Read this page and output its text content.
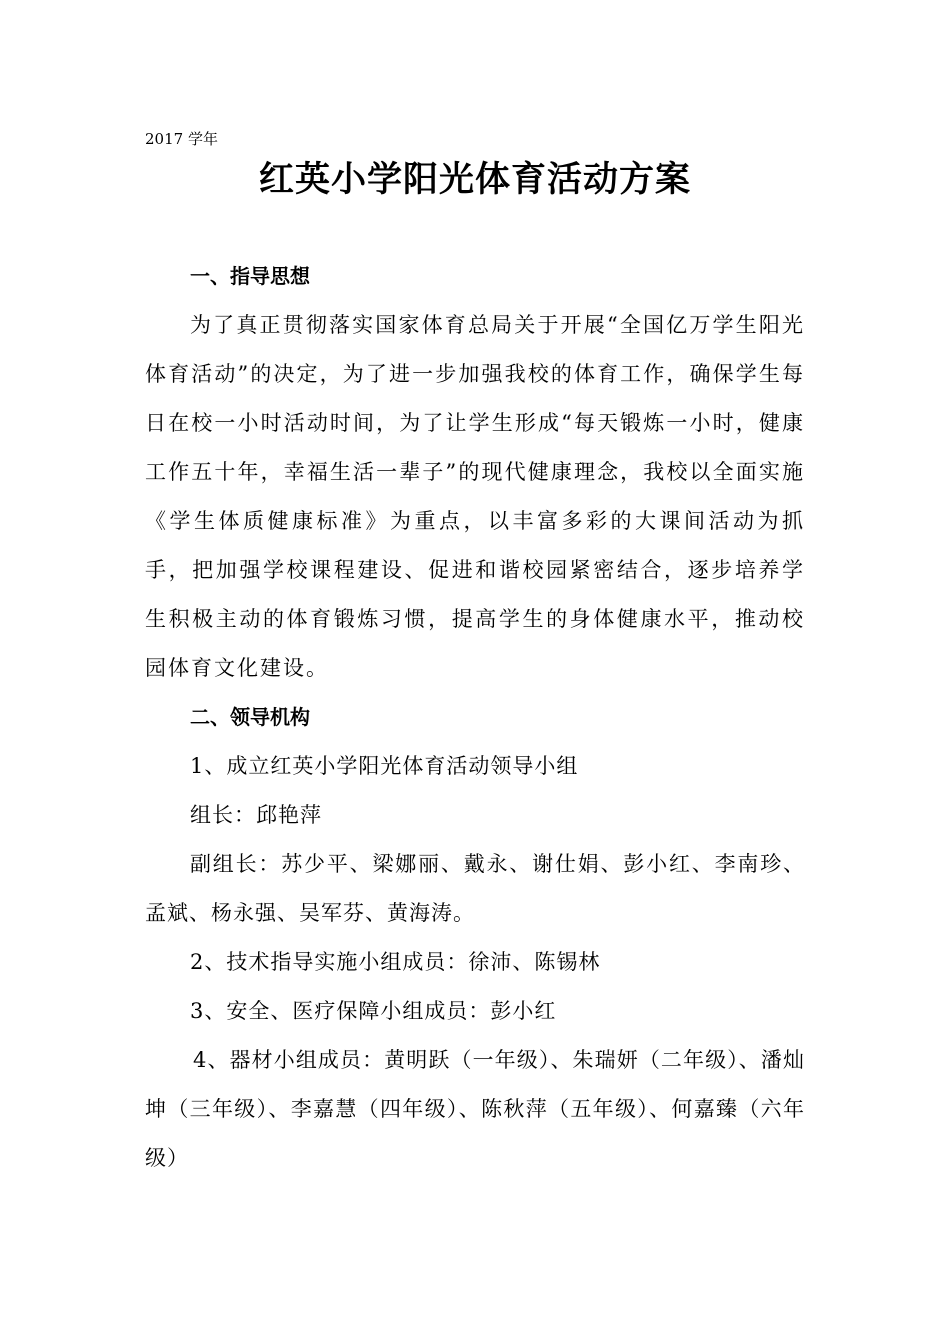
2017 学年
红英小学阳光体育活动方案

一、指导思想

为了真正贯彻落实国家体育总局关于开展“全国亿万学生阳光体育活动”的决定，为了进一步加强我校的体育工作，确保学生每日在校一小时活动时间，为了让学生形成“每天锻炼一小时，健康工作五十年，幸福生活一辈子”的现代健康理念，我校以全面实施《学生体质健康标准》为重点，以丰富多彩的大课间活动为抓手，把加强学校课程建设、促进和谐校园紧密结合，逐步培养学生积极主动的体育锻炼习惯，提高学生的身体健康水平，推动校园体育文化建设。

二、领导机构

1、成立红英小学阳光体育活动领导小组

组长：邱艳萍

副组长：苏少平、梁娜丽、戴永、谢仕娟、彭小红、李南珍、孟斌、杨永强、吴军芬、黄海涛。

2、技术指导实施小组成员：徐沛、陈锡林

3、安全、医疗保障小组成员：彭小红

4、器材小组成员：黄明跃（一年级）、朱瑞妍（二年级）、潘灿坤（三年级）、李嘉慧（四年级）、陈秋萍（五年级）、何嘉臻（六年级）
